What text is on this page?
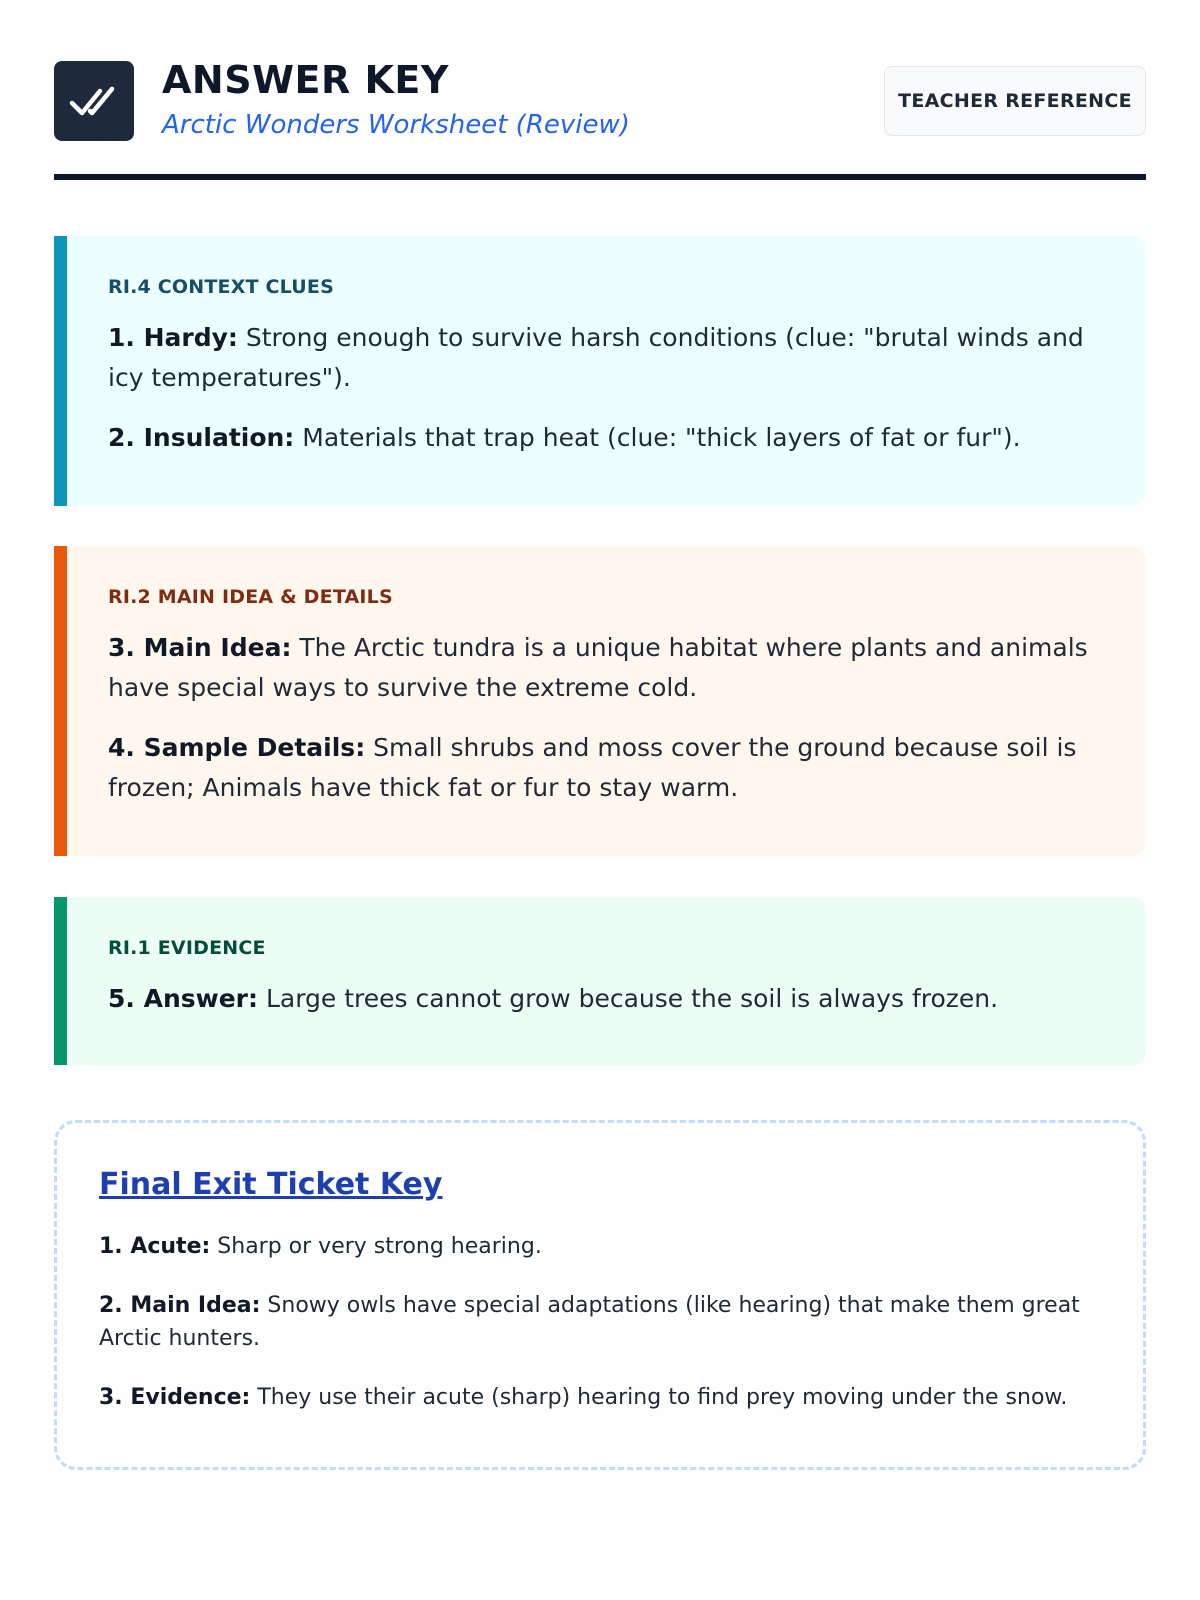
ANSWER KEY
Arctic Wonders Worksheet (Review)
TEACHER REFERENCE
RI.4 CONTEXT CLUES
1. Hardy: Strong enough to survive harsh conditions (clue: "brutal winds and icy temperatures").
2. Insulation: Materials that trap heat (clue: "thick layers of fat or fur").
RI.2 MAIN IDEA & DETAILS
3. Main Idea: The Arctic tundra is a unique habitat where plants and animals have special ways to survive the extreme cold.
4. Sample Details: Small shrubs and moss cover the ground because soil is frozen; Animals have thick fat or fur to stay warm.
RI.1 EVIDENCE
5. Answer: Large trees cannot grow because the soil is always frozen.
Final Exit Ticket Key
1. Acute: Sharp or very strong hearing.
2. Main Idea: Snowy owls have special adaptations (like hearing) that make them great Arctic hunters.
3. Evidence: They use their acute (sharp) hearing to find prey moving under the snow.
